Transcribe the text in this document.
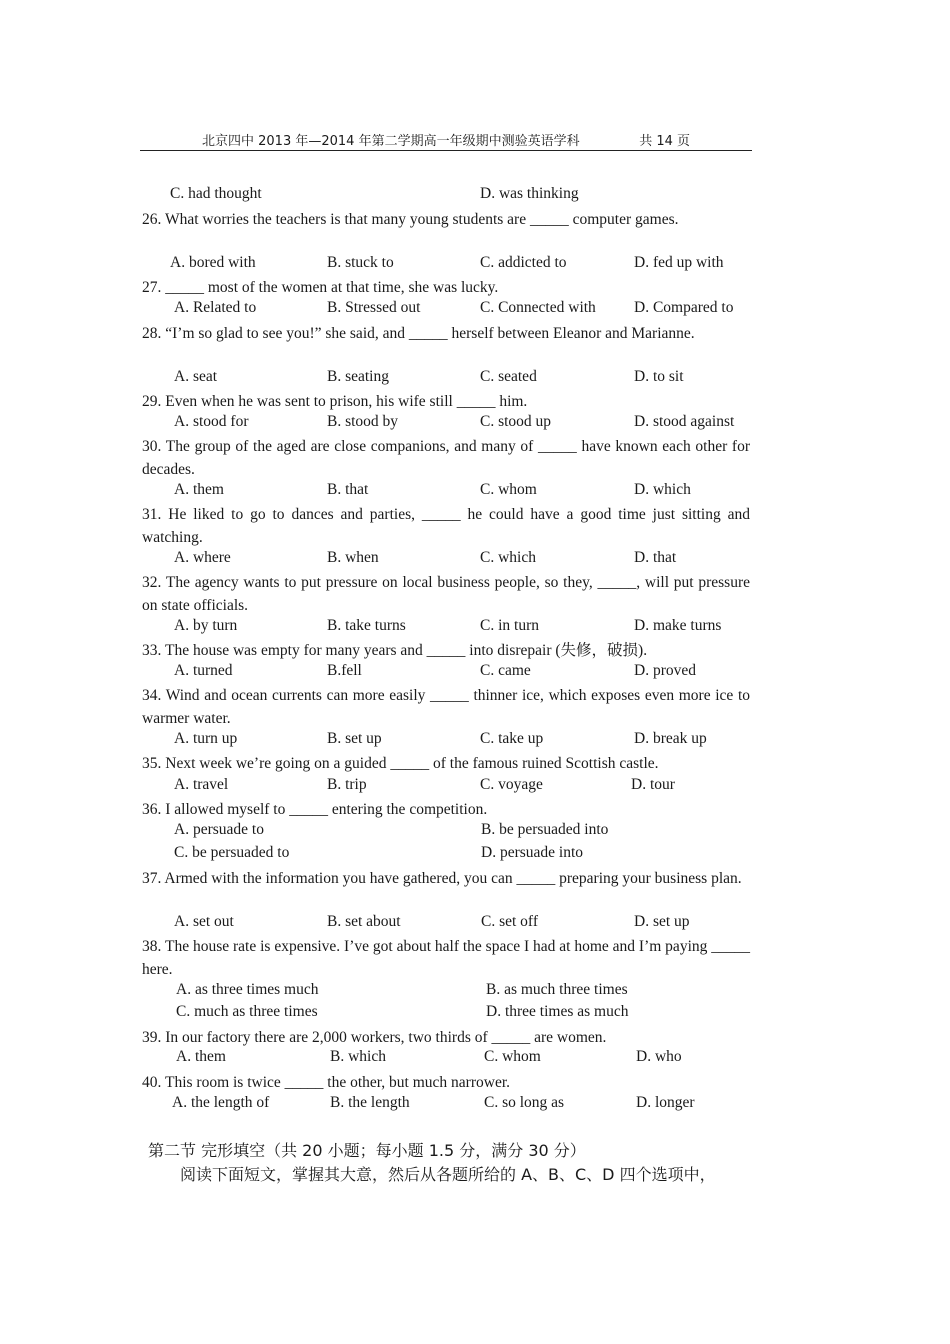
北京四中 2013 年—2014 年第二学期高一年级期中测验英语学科	共 14 页
C. had thought	D. was thinking
26. What worries the teachers is that many young students are _____ computer games.
A. bored with	B. stuck to	C. addicted to	D. fed up with
27. _____ most of the women at that time, she was lucky.
A. Related to	B. Stressed out	C. Connected with D. Compared to
28. “I’m so glad to see you!” she said, and _____ herself between Eleanor and Marianne.
A. seat	B. seating	C. seated	D. to sit
29. Even when he was sent to prison, his wife still _____ him.
A. stood for	B. stood by	C. stood up	D. stood against
30. The group of the aged are close companions, and many of _____ have known each other for decades.
A. them	B. that	C. whom	D. which
31. He liked to go to dances and parties, _____ he could have a good time just sitting and watching.
A. where	B. when	C. which	D. that
32. The agency wants to put pressure on local business people, so they, _____, will put pressure on state officials.
A. by turn	B. take turns	C. in turn	D. make turns
33. The house was empty for many years and _____ into disrepair (失修，破损).
A. turned	B.fell	C. came	D. proved
34. Wind and ocean currents can more easily _____ thinner ice, which exposes even more ice to warmer water.
A. turn up	B. set up	C. take up	D. break up
35. Next week we’re going on a guided _____ of the famous ruined Scottish castle.
A. travel	B. trip	C. voyage	D. tour
36. I allowed myself to _____ entering the competition.
A. persuade to	B. be persuaded into
C. be persuaded to	D. persuade into
37. Armed with the information you have gathered, you can _____ preparing your business plan.
A. set out	B. set about	C. set off	D. set up
38. The house rate is expensive. I’ve got about half the space I had at home and I’m paying _____ here.
A. as three times much	B. as much three times
C. much as three times	D. three times as much
39. In our factory there are 2,000 workers, two thirds of _____ are women.
A. them	B. which	C. whom	D. who
40. This room is twice _____ the other, but much narrower.
A. the length of	B. the length	C. so long as	D. longer
第二节 完形填空（共 20 小题；每小题 1.5 分，满分 30 分）
阅读下面短文，掌握其大意，然后从各题所给的 A、B、C、D 四个选项中，
